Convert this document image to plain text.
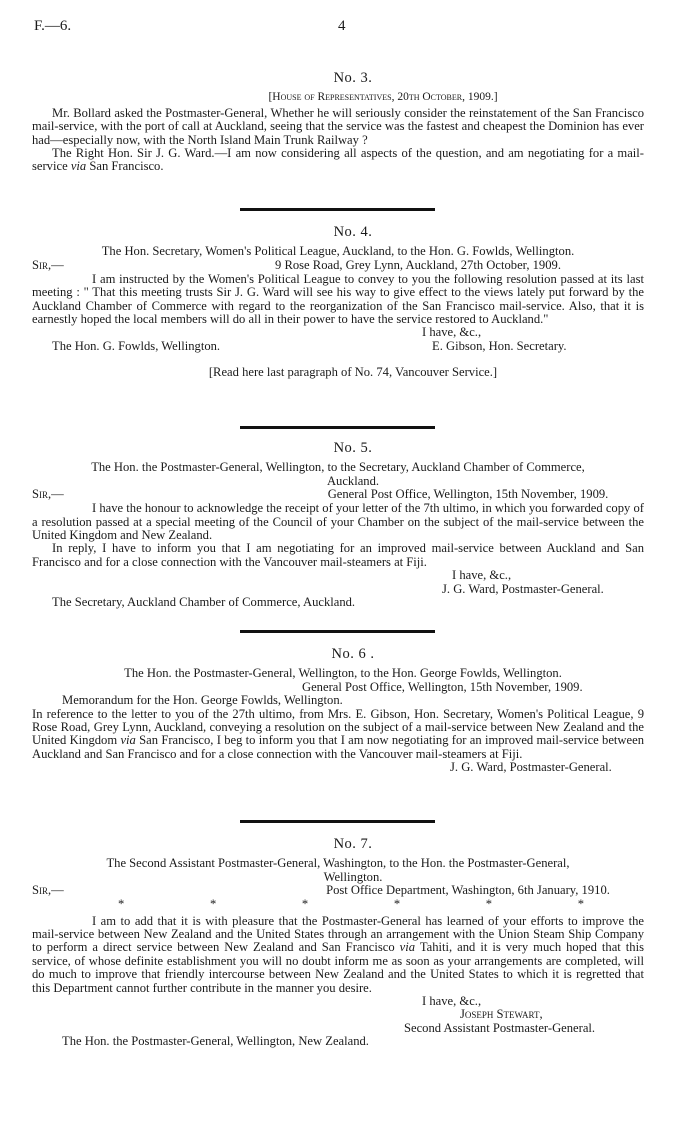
F.—6.	4
No. 3.
[House of Representatives, 20th October, 1909.]
Mr. Bollard asked the Postmaster-General, Whether he will seriously consider the reinstatement of the San Francisco mail-service, with the port of call at Auckland, seeing that the service was the fastest and cheapest the Dominion has ever had—especially now, with the North Island Main Trunk Railway ?
The Right Hon. Sir J. G. Ward.—I am now considering all aspects of the question, and am negotiating for a mail-service via San Francisco.
No. 4.
The Hon. Secretary, Women's Political League, Auckland, to the Hon. G. Fowlds, Wellington.
Sir,—	9 Rose Road, Grey Lynn, Auckland, 27th October, 1909.
I am instructed by the Women's Political League to convey to you the following resolution passed at its last meeting : " That this meeting trusts Sir J. G. Ward will see his way to give effect to the views lately put forward by the Auckland Chamber of Commerce with regard to the reorganization of the San Francisco mail-service. Also, that it is earnestly hoped the local members will do all in their power to have the service restored to Auckland."
I have, &c.,
The Hon. G. Fowlds, Wellington.	E. Gibson, Hon. Secretary.
[Read here last paragraph of No. 74, Vancouver Service.]
No. 5.
The Hon. the Postmaster-General, Wellington, to the Secretary, Auckland Chamber of Commerce,
Auckland.
Sir,—	General Post Office, Wellington, 15th November, 1909.
I have the honour to acknowledge the receipt of your letter of the 7th ultimo, in which you forwarded copy of a resolution passed at a special meeting of the Council of your Chamber on the subject of the mail-service between the United Kingdom and New Zealand.
In reply, I have to inform you that I am negotiating for an improved mail-service between Auckland and San Francisco and for a close connection with the Vancouver mail-steamers at Fiji.
I have, &c.,
J. G. Ward, Postmaster-General.
The Secretary, Auckland Chamber of Commerce, Auckland.
No. 6 .
The Hon. the Postmaster-General, Wellington, to the Hon. George Fowlds, Wellington.
General Post Office, Wellington, 15th November, 1909.
Memorandum for the Hon. George Fowlds, Wellington.
In reference to the letter to you of the 27th ultimo, from Mrs. E. Gibson, Hon. Secretary, Women's Political League, 9 Rose Road, Grey Lynn, Auckland, conveying a resolution on the subject of a mail-service between New Zealand and the United Kingdom via San Francisco, I beg to inform you that I am now negotiating for an improved mail-service between Auckland and San Francisco and for a close connection with the Vancouver mail-steamers at Fiji.
J. G. Ward, Postmaster-General.
No. 7.
The Second Assistant Postmaster-General, Washington, to the Hon. the Postmaster-General,
Wellington.
Sir,—	Post Office Department, Washington, 6th January, 1910.
*	*	*	*	*	*
I am to add that it is with pleasure that the Postmaster-General has learned of your efforts to improve the mail-service between New Zealand and the United States through an arrangement with the Union Steam Ship Company to perform a direct service between New Zealand and San Francisco via Tahiti, and it is very much hoped that this service, of whose definite establishment you will no doubt inform me as soon as your arrangements are completed, will do much to improve that friendly intercourse between New Zealand and the United States to which it is regretted that this Department cannot further contribute in the manner you desire.
I have, &c.,
Joseph Stewart,
Second Assistant Postmaster-General.
The Hon. the Postmaster-General, Wellington, New Zealand.
